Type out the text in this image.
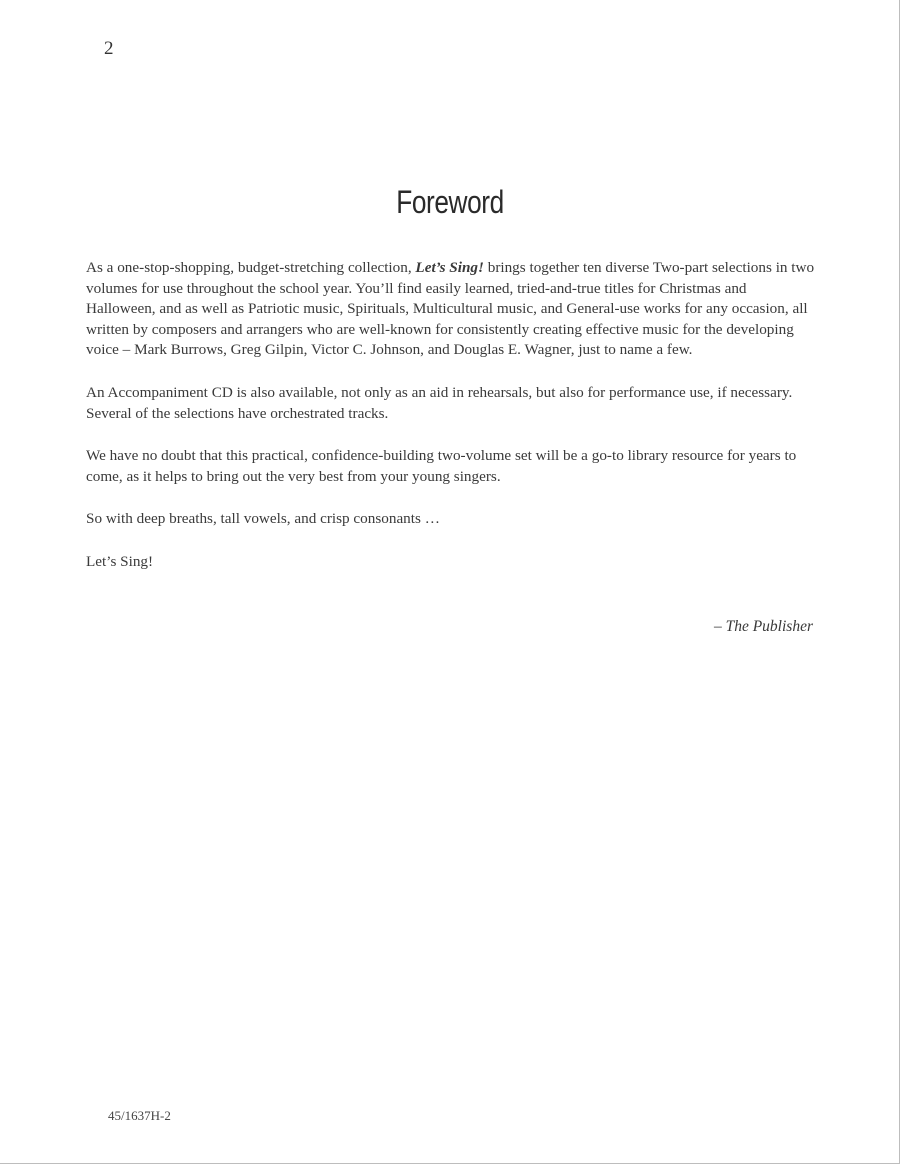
2
Foreword

As a one-stop-shopping, budget-stretching collection, Let’s Sing! brings together ten diverse Two-part selections in two volumes for use throughout the school year. You’ll find easily learned, tried-and-true titles for Christmas and Halloween, and as well as Patriotic music, Spirituals, Multicultural music, and General-use works for any occasion, all written by composers and arrangers who are well-known for consistently creating effective music for the developing voice – Mark Burrows, Greg Gilpin, Victor C. Johnson, and Douglas E. Wagner, just to name a few.

An Accompaniment CD is also available, not only as an aid in rehearsals, but also for performance use, if necessary. Several of the selections have orchestrated tracks.

We have no doubt that this practical, confidence-building two-volume set will be a go-to library resource for years to come, as it helps to bring out the very best from your young singers.

So with deep breaths, tall vowels, and crisp consonants …

Let’s Sing!

– The Publisher
45/1637H-2
